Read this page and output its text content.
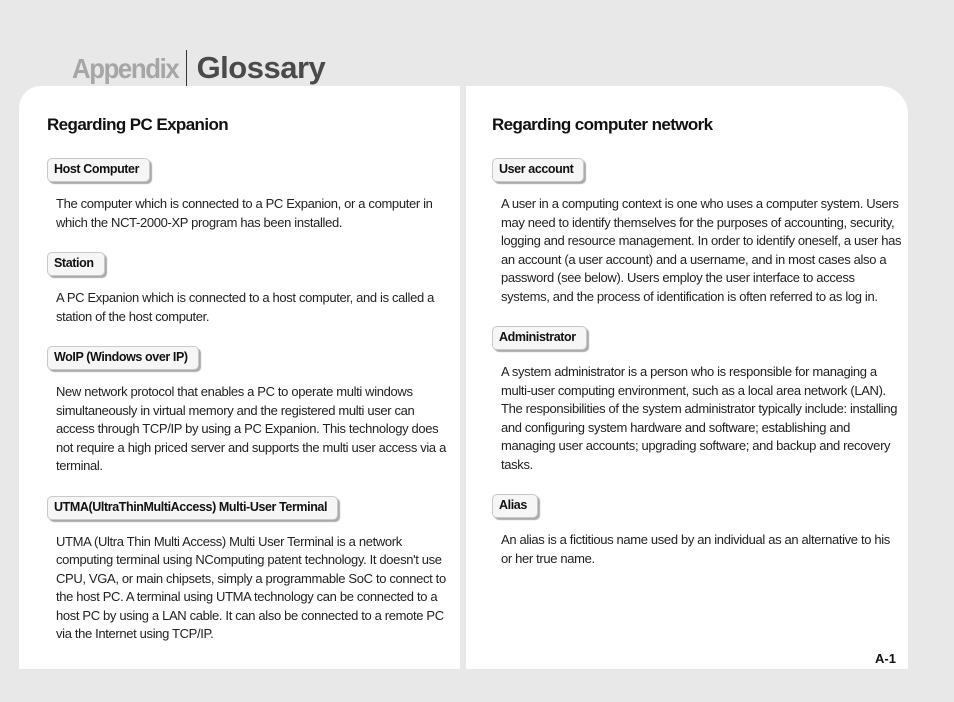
Appendix Glossary
Regarding PC Expanion
Host Computer
The computer which is connected to a PC Expanion, or a computer in which the NCT-2000-XP program has been installed.
Station
A PC Expanion which is connected to a host computer, and is called a station of the host computer.
WoIP (Windows over IP)
New network protocol that enables a PC to operate multi windows simultaneously in virtual memory and the registered multi user can access through TCP/IP by using a PC Expanion. This technology does not require a high priced server and supports the multi user access via a terminal.
UTMA(UltraThinMultiAccess) Multi-User Terminal
UTMA (Ultra Thin Multi Access) Multi User Terminal is a network computing terminal using NComputing patent technology. It doesn't use CPU, VGA, or main chipsets, simply a programmable SoC to connect to the host PC. A terminal using UTMA technology can be connected to a host PC by using a LAN cable. It can also be connected to a remote PC via the Internet using TCP/IP.
Regarding computer network
User account
A user in a computing context is one who uses a computer system. Users may need to identify themselves for the purposes of accounting, security, logging and resource management. In order to identify oneself, a user has an account (a user account) and a username, and in most cases also a password (see below). Users employ the user interface to access systems, and the process of identification is often referred to as log in.
Administrator
A system administrator is a person who is responsible for managing a multi-user computing environment, such as a local area network (LAN). The responsibilities of the system administrator typically include: installing and configuring system hardware and software; establishing and managing user accounts; upgrading software; and backup and recovery tasks.
Alias
An alias is a fictitious name used by an individual as an alternative to his or her true name.
A-1
